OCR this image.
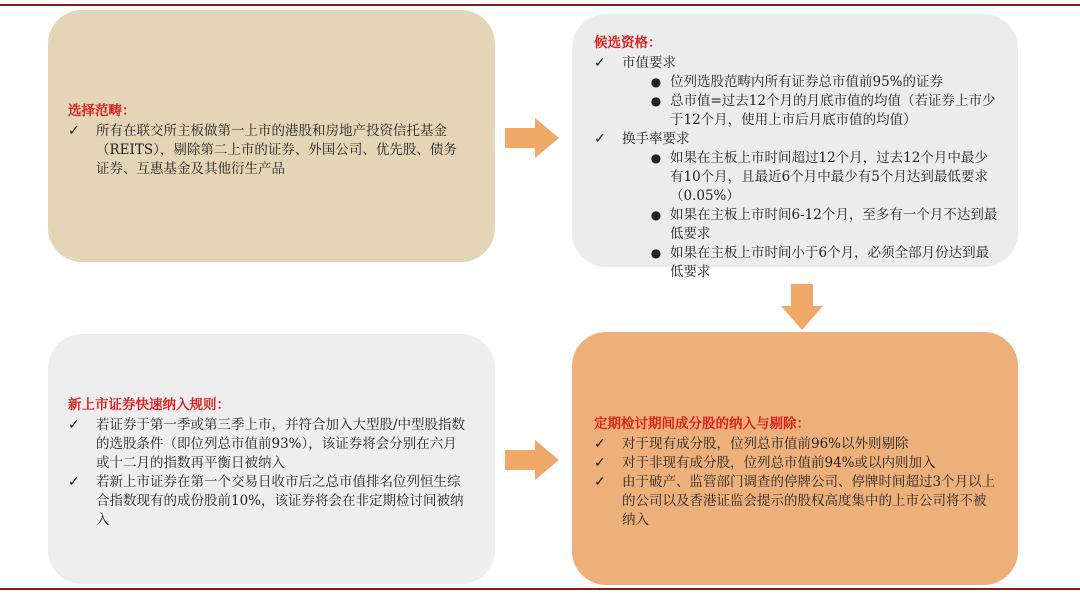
选择范畴：
✓	所有在联交所主板做第一上市的港股和房地产投资信托基金（REITS），剔除第二上市的证券、外国公司、优先股、债务证券、互惠基金及其他衍生产品
候选资格：
✓	市值要求
● 位列选股范畴内所有证券总市值前95%的证券
● 总市值=过去12个月的月底市值的均值（若证券上市少于12个月，使用上市后月底市值的均值）
✓	换手率要求
● 如果在主板上市时间超过12个月，过去12个月中最少有10个月，且最近6个月中最少有5个月达到最低要求（0.05%）
● 如果在主板上市时间6-12个月，至多有一个月不达到最低要求
● 如果在主板上市时间小于6个月，必须全部月份达到最低要求
新上市证券快速纳入规则：
✓	若证券于第一季或第三季上市，并符合加入大型股/中型股指数的选股条件（即位列总市值前93%），该证券将会分别在六月或十二月的指数再平衡日被纳入
✓	若新上市证券在第一个交易日收市后之总市值排名位列恒生综合指数现有的成份股前10%，该证券将会在非定期检讨间被纳入
定期检讨期间成分股的纳入与剔除：
✓	对于现有成分股，位列总市值前96%以外则剔除
✓	对于非现有成分股，位列总市值前94%或以内则加入
✓	由于破产、监管部门调查的停牌公司、停牌时间超过3个月以上的公司以及香港证监会提示的股权高度集中的上市公司将不被纳入
